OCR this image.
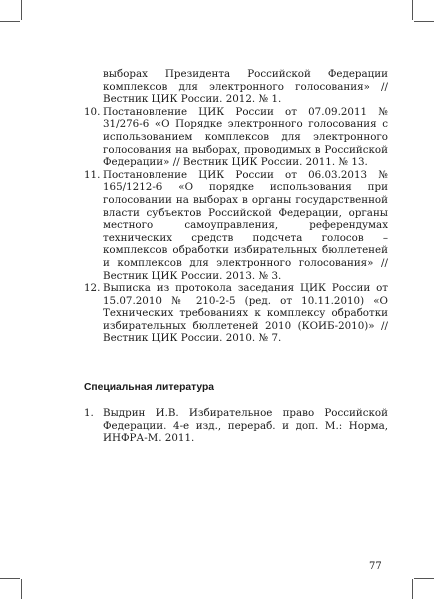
выборах Президента Российской Федерации комплексов для электронного голосования» // Вестник ЦИК России. 2012. № 1.
10. Постановление ЦИК России от 07.09.2011 № 31/276-6 «О Порядке электронного голосования с использованием комплексов для электронного голосования на выборах, проводимых в Российской Федерации» // Вестник ЦИК России. 2011. № 13.
11. Постановление ЦИК России от 06.03.2013 № 165/1212-6 «О порядке использования при голосовании на выборах в органы государственной власти субъектов Российской Федерации, органы местного самоуправления, референдумах технических средств подсчета голосов – комплексов обработки избирательных бюллетеней и комплексов для электронного голосования» // Вестник ЦИК России. 2013. № 3.
12. Выписка из протокола заседания ЦИК России от 15.07.2010 № 210-2-5 (ред. от 10.11.2010) «О Технических требованиях к комплексу обработки избирательных бюллетеней 2010 (КОИБ-2010)» // Вестник ЦИК России. 2010. № 7.
Специальная литература
1. Выдрин И.В. Избирательное право Российской Федерации. 4-е изд., перераб. и доп. М.: Норма, ИНФРА-М. 2011.
77
